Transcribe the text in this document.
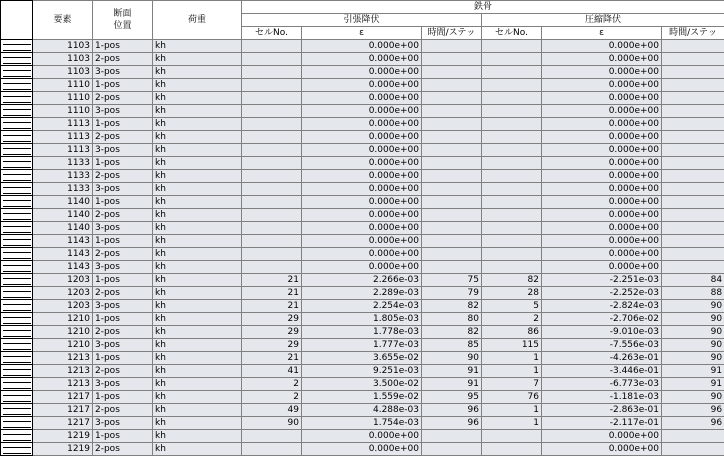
	要素	断面
位置	荷重	鉄骨					
				引張降伏			圧縮降伏		
				セルNo.	ε	時間/ステッ	セルNo.	ε	時間/ステッ

	1103	1-pos	kh		0.000e+00			0.000e+00	

	1103	2-pos	kh		0.000e+00			0.000e+00	

	1103	3-pos	kh		0.000e+00			0.000e+00	

	1110	1-pos	kh		0.000e+00			0.000e+00	

	1110	2-pos	kh		0.000e+00			0.000e+00	

	1110	3-pos	kh		0.000e+00			0.000e+00	

	1113	1-pos	kh		0.000e+00			0.000e+00	

	1113	2-pos	kh		0.000e+00			0.000e+00	

	1113	3-pos	kh		0.000e+00			0.000e+00	

	1133	1-pos	kh		0.000e+00			0.000e+00	

	1133	2-pos	kh		0.000e+00			0.000e+00	

	1133	3-pos	kh		0.000e+00			0.000e+00	

	1140	1-pos	kh		0.000e+00			0.000e+00	

	1140	2-pos	kh		0.000e+00			0.000e+00	

	1140	3-pos	kh		0.000e+00			0.000e+00	

	1143	1-pos	kh		0.000e+00			0.000e+00	

	1143	2-pos	kh		0.000e+00			0.000e+00	

	1143	3-pos	kh		0.000e+00			0.000e+00	

	1203	1-pos	kh	21	2.266e-03	75	82	-2.251e-03	84

	1203	2-pos	kh	21	2.289e-03	79	28	-2.252e-03	88

	1203	3-pos	kh	21	2.254e-03	82	5	-2.824e-03	90

	1210	1-pos	kh	29	1.805e-03	80	2	-2.706e-02	90

	1210	2-pos	kh	29	1.778e-03	82	86	-9.010e-03	90

	1210	3-pos	kh	29	1.777e-03	85	115	-7.556e-03	90

	1213	1-pos	kh	21	3.655e-02	90	1	-4.263e-01	90

	1213	2-pos	kh	41	9.251e-03	91	1	-3.446e-01	91

	1213	3-pos	kh	2	3.500e-02	91	7	-6.773e-03	91

	1217	1-pos	kh	2	1.559e-02	95	76	-1.181e-03	90

	1217	2-pos	kh	49	4.288e-03	96	1	-2.863e-01	96

	1217	3-pos	kh	90	1.754e-03	96	1	-2.117e-01	96

	1219	1-pos	kh		0.000e+00			0.000e+00	

	1219	2-pos	kh		0.000e+00			0.000e+00	
